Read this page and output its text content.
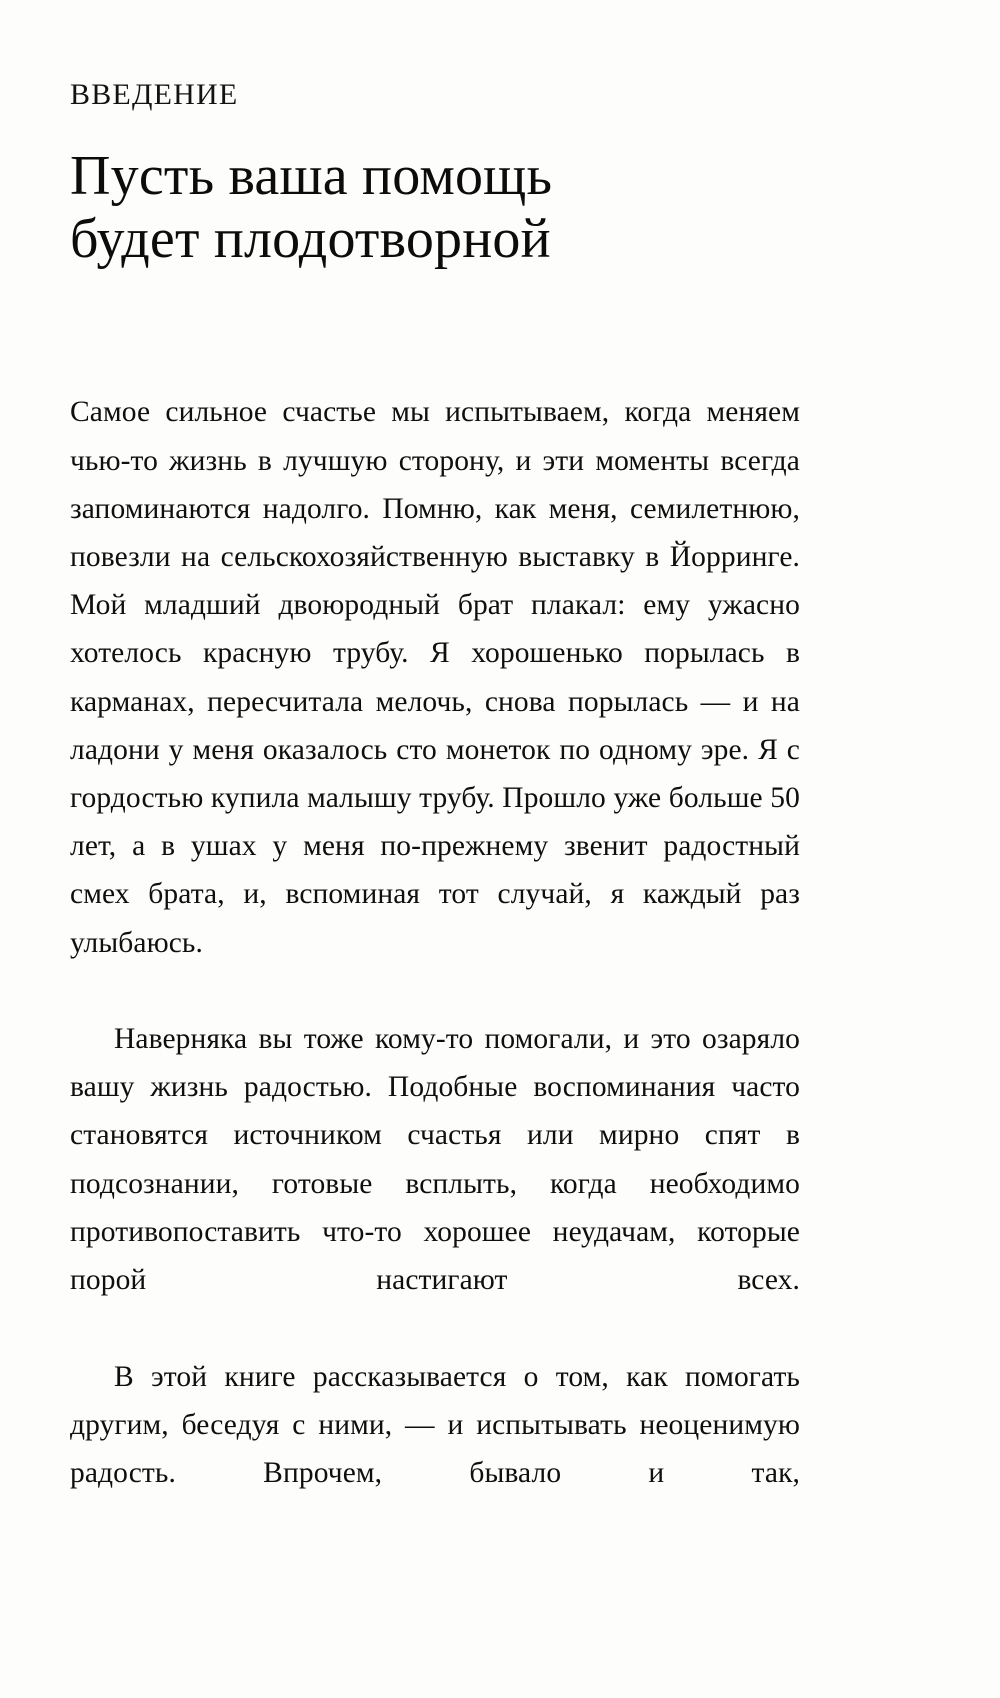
ВВЕДЕНИЕ
Пусть ваша помощь
будет плодотворной

Самое сильное счастье мы испытываем, когда меняем чью-то жизнь в лучшую сторону, и эти моменты всегда запоминаются надолго. Помню, как меня, семилетнюю, повезли на сельскохозяйственную выставку в Йорринге. Мой младший двоюродный брат плакал: ему ужасно хотелось красную трубу. Я хорошенько порылась в карманах, пересчитала мелочь, снова порылась — и на ладони у меня оказалось сто монеток по одному эре. Я с гордостью купила малышу трубу. Прошло уже больше 50 лет, а в ушах у меня по-прежнему звенит радостный смех брата, и, вспоминая тот случай, я каждый раз улыбаюсь.

Наверняка вы тоже кому-то помогали, и это озаряло вашу жизнь радостью. Подобные воспоминания часто становятся источником счастья или мирно спят в подсознании, готовые всплыть, когда необходимо противопоставить что-то хорошее неудачам, которые порой настигают всех.

В этой книге рассказывается о том, как помогать другим, беседуя с ними, — и испытывать неоценимую радость. Впрочем, бывало и так,
